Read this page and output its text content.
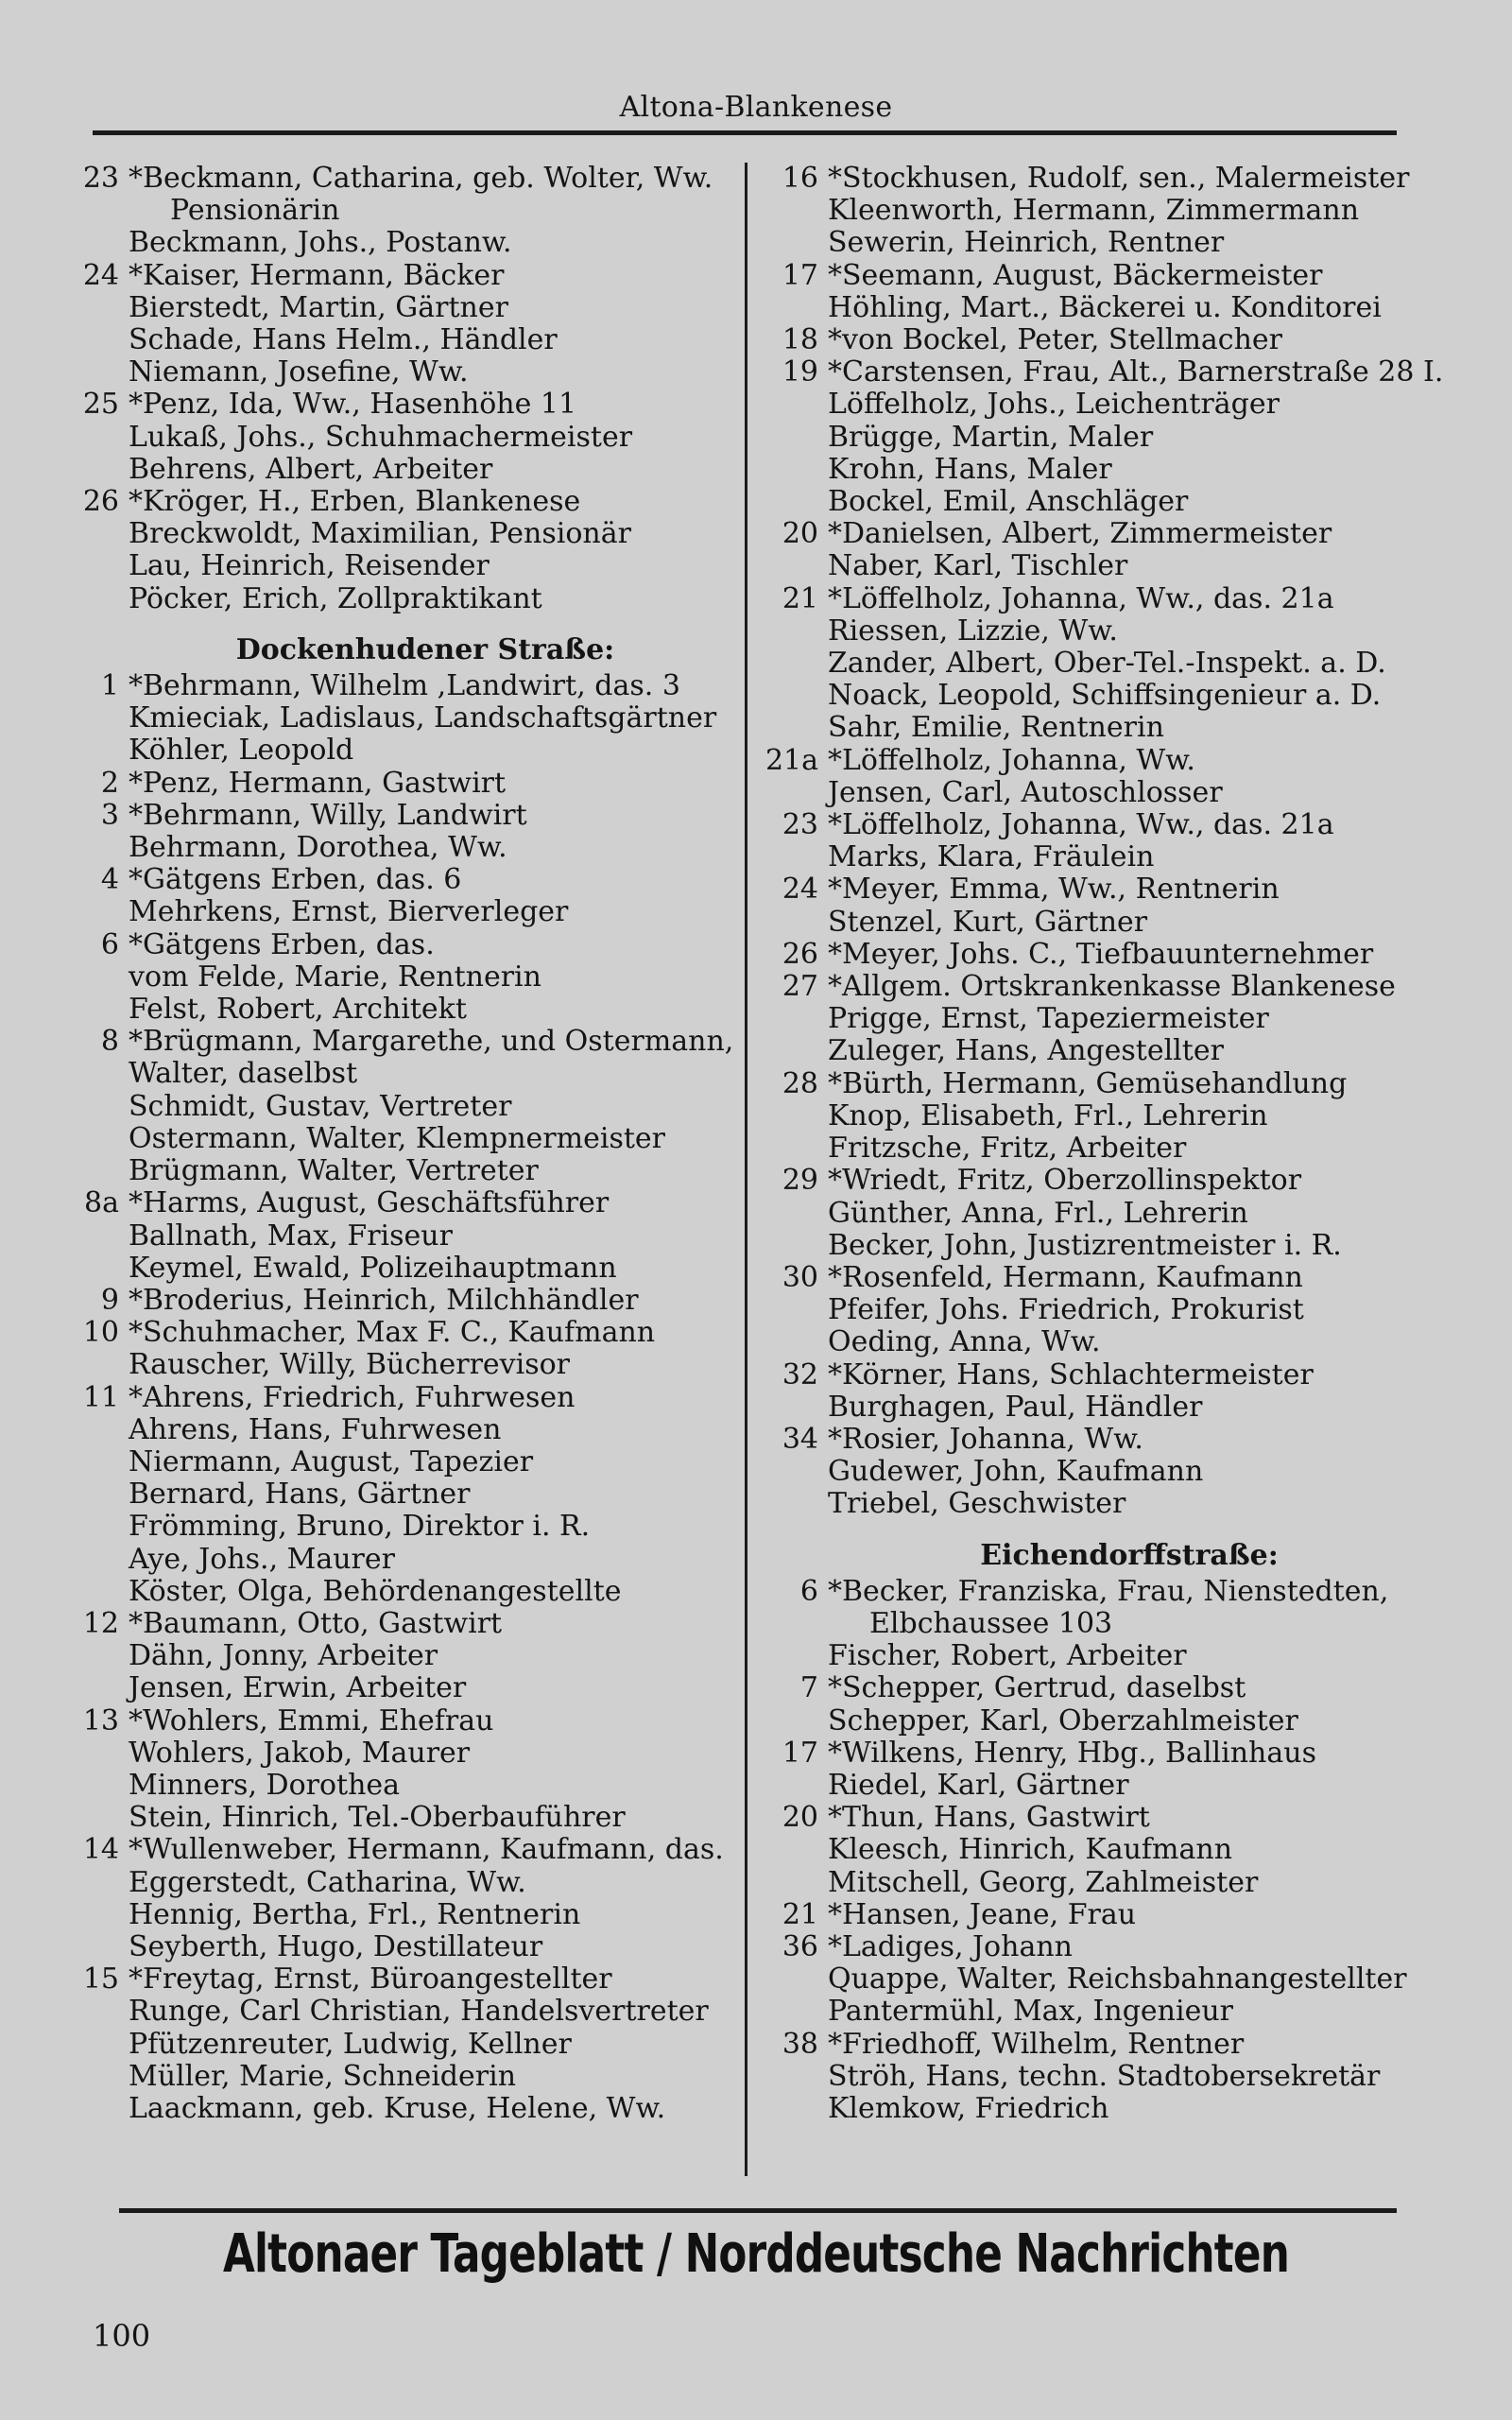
Altona-Blankenese
23 *Beckmann, Catharina, geb. Wolter, Ww.
Pensionärin
Beckmann, Johs., Postanw.
24 *Kaiser, Hermann, Bäcker
Bierstedt, Martin, Gärtner
Schade, Hans Helm., Händler
Niemann, Josefine, Ww.
25 *Penz, Ida, Ww., Hasenhöhe 11
Lukaß, Johs., Schuhmachermeister
Behrens, Albert, Arbeiter
26 *Kröger, H., Erben, Blankenese
Breckwoldt, Maximilian, Pensionär
Lau, Heinrich, Reisender
Pöcker, Erich, Zollpraktikant
Dockenhudener Straße:
1 *Behrmann, Wilhelm ,Landwirt, das. 3
Kmieciak, Ladislaus, Landschaftsgärtner
Köhler, Leopold
2 *Penz, Hermann, Gastwirt
3 *Behrmann, Willy, Landwirt
Behrmann, Dorothea, Ww.
4 *Gätgens Erben, das. 6
Mehrkens, Ernst, Bierverleger
6 *Gätgens Erben, das.
vom Felde, Marie, Rentnerin
Felst, Robert, Architekt
8 *Brügmann, Margarethe, und Ostermann,
Walter, daselbst
Schmidt, Gustav, Vertreter
Ostermann, Walter, Klempnermeister
Brügmann, Walter, Vertreter
8a *Harms, August, Geschäftsführer
Ballnath, Max, Friseur
Keymel, Ewald, Polizeihauptmann
9 *Broderius, Heinrich, Milchhändler
10 *Schuhmacher, Max F. C., Kaufmann
Rauscher, Willy, Bücherrevisor
11 *Ahrens, Friedrich, Fuhrwesen
Ahrens, Hans, Fuhrwesen
Niermann, August, Tapezier
Bernard, Hans, Gärtner
Frömming, Bruno, Direktor i. R.
Aye, Johs., Maurer
Köster, Olga, Behördenangestellte
12 *Baumann, Otto, Gastwirt
Dähn, Jonny, Arbeiter
Jensen, Erwin, Arbeiter
13 *Wohlers, Emmi, Ehefrau
Wohlers, Jakob, Maurer
Minners, Dorothea
Stein, Hinrich, Tel.-Oberbauführer
14 *Wullenweber, Hermann, Kaufmann, das.
Eggerstedt, Catharina, Ww.
Hennig, Bertha, Frl., Rentnerin
Seyberth, Hugo, Destillateur
15 *Freytag, Ernst, Büroangestellter
Runge, Carl Christian, Handelsvertreter
Pfützenreuter, Ludwig, Kellner
Müller, Marie, Schneiderin
Laackmann, geb. Kruse, Helene, Ww.
16 *Stockhusen, Rudolf, sen., Malermeister
Kleenworth, Hermann, Zimmermann
Sewerin, Heinrich, Rentner
17 *Seemann, August, Bäckermeister
Höhling, Mart., Bäckerei u. Konditorei
18 *von Bockel, Peter, Stellmacher
19 *Carstensen, Frau, Alt., Barnerstraße 28 I.
Löffelholz, Johs., Leichenträger
Brügge, Martin, Maler
Krohn, Hans, Maler
Bockel, Emil, Anschläger
20 *Danielsen, Albert, Zimmermeister
Naber, Karl, Tischler
21 *Löffelholz, Johanna, Ww., das. 21a
Riessen, Lizzie, Ww.
Zander, Albert, Ober-Tel.-Inspekt. a. D.
Noack, Leopold, Schiffsingenieur a. D.
Sahr, Emilie, Rentnerin
21a *Löffelholz, Johanna, Ww.
Jensen, Carl, Autoschlosser
23 *Löffelholz, Johanna, Ww., das. 21a
Marks, Klara, Fräulein
24 *Meyer, Emma, Ww., Rentnerin
Stenzel, Kurt, Gärtner
26 *Meyer, Johs. C., Tiefbauunternehmer
27 *Allgem. Ortskrankenkasse Blankenese
Prigge, Ernst, Tapeziermeister
Zuleger, Hans, Angestellter
28 *Bürth, Hermann, Gemüsehandlung
Knop, Elisabeth, Frl., Lehrerin
Fritzsche, Fritz, Arbeiter
29 *Wriedt, Fritz, Oberzollinspektor
Günther, Anna, Frl., Lehrerin
Becker, John, Justizrentmeister i. R.
30 *Rosenfeld, Hermann, Kaufmann
Pfeifer, Johs. Friedrich, Prokurist
Oeding, Anna, Ww.
32 *Körner, Hans, Schlachtermeister
Burghagen, Paul, Händler
34 *Rosier, Johanna, Ww.
Gudewer, John, Kaufmann
Triebel, Geschwister
Eichendorffstraße:
6 *Becker, Franziska, Frau, Nienstedten,
Elbchaussee 103
Fischer, Robert, Arbeiter
7 *Schepper, Gertrud, daselbst
Schepper, Karl, Oberzahlmeister
17 *Wilkens, Henry, Hbg., Ballinhaus
Riedel, Karl, Gärtner
20 *Thun, Hans, Gastwirt
Kleesch, Hinrich, Kaufmann
Mitschell, Georg, Zahlmeister
21 *Hansen, Jeane, Frau
36 *Ladiges, Johann
Quappe, Walter, Reichsbahnangestellter
Pantermühl, Max, Ingenieur
38 *Friedhoff, Wilhelm, Rentner
Ströh, Hans, techn. Stadtobersekretär
Klemkow, Friedrich
Altonaer Tageblatt / Norddeutsche Nachrichten
100
